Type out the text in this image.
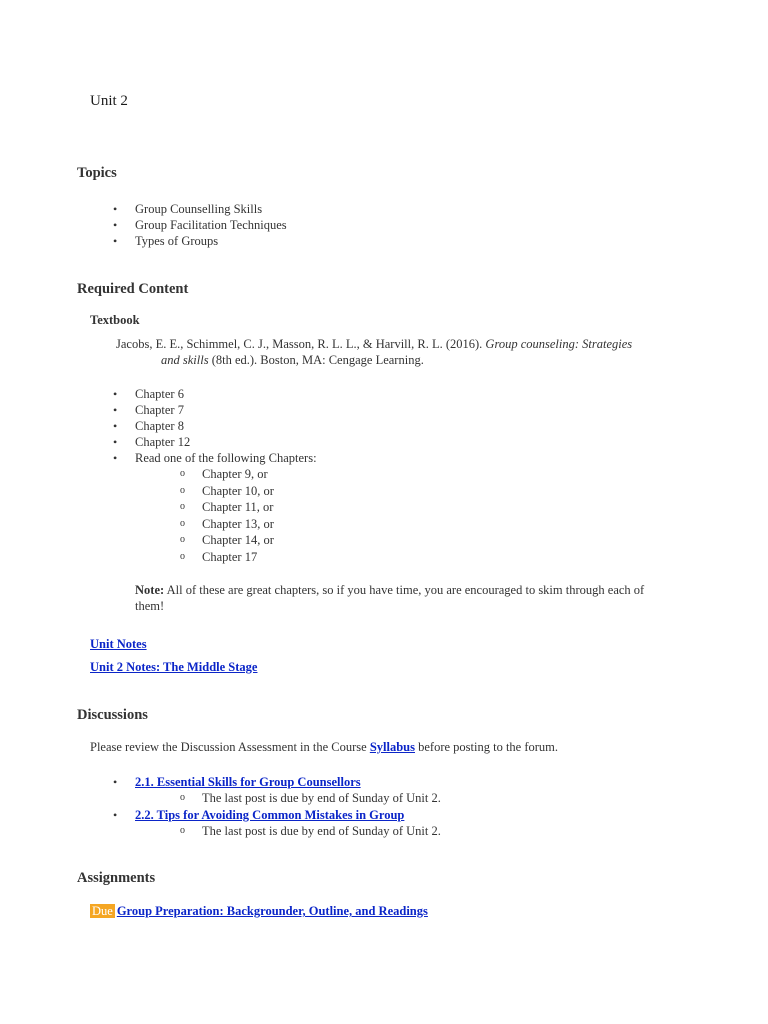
Unit 2
Topics
• Group Counselling Skills
• Group Facilitation Techniques
• Types of Groups
Required Content
Textbook
Jacobs, E. E., Schimmel, C. J., Masson, R. L. L., & Harvill, R. L. (2016). Group counseling: Strategies
and skills (8th ed.). Boston, MA: Cengage Learning.
• Chapter 6
• Chapter 7
• Chapter 8
• Chapter 12
• Read one of the following Chapters:
o Chapter 9, or
o Chapter 10, or
o Chapter 11, or
o Chapter 13, or
o Chapter 14, or
o Chapter 17
Note: All of these are great chapters, so if you have time, you are encouraged to skim through each of
them!
Unit Notes
Unit 2 Notes: The Middle Stage
Discussions
Please review the Discussion Assessment in the Course Syllabus before posting to the forum.
• 2.1. Essential Skills for Group Counsellors
o The last post is due by end of Sunday of Unit 2.
• 2.2. Tips for Avoiding Common Mistakes in Group
o The last post is due by end of Sunday of Unit 2.
Assignments
Due Group Preparation: Backgrounder, Outline, and Readings
